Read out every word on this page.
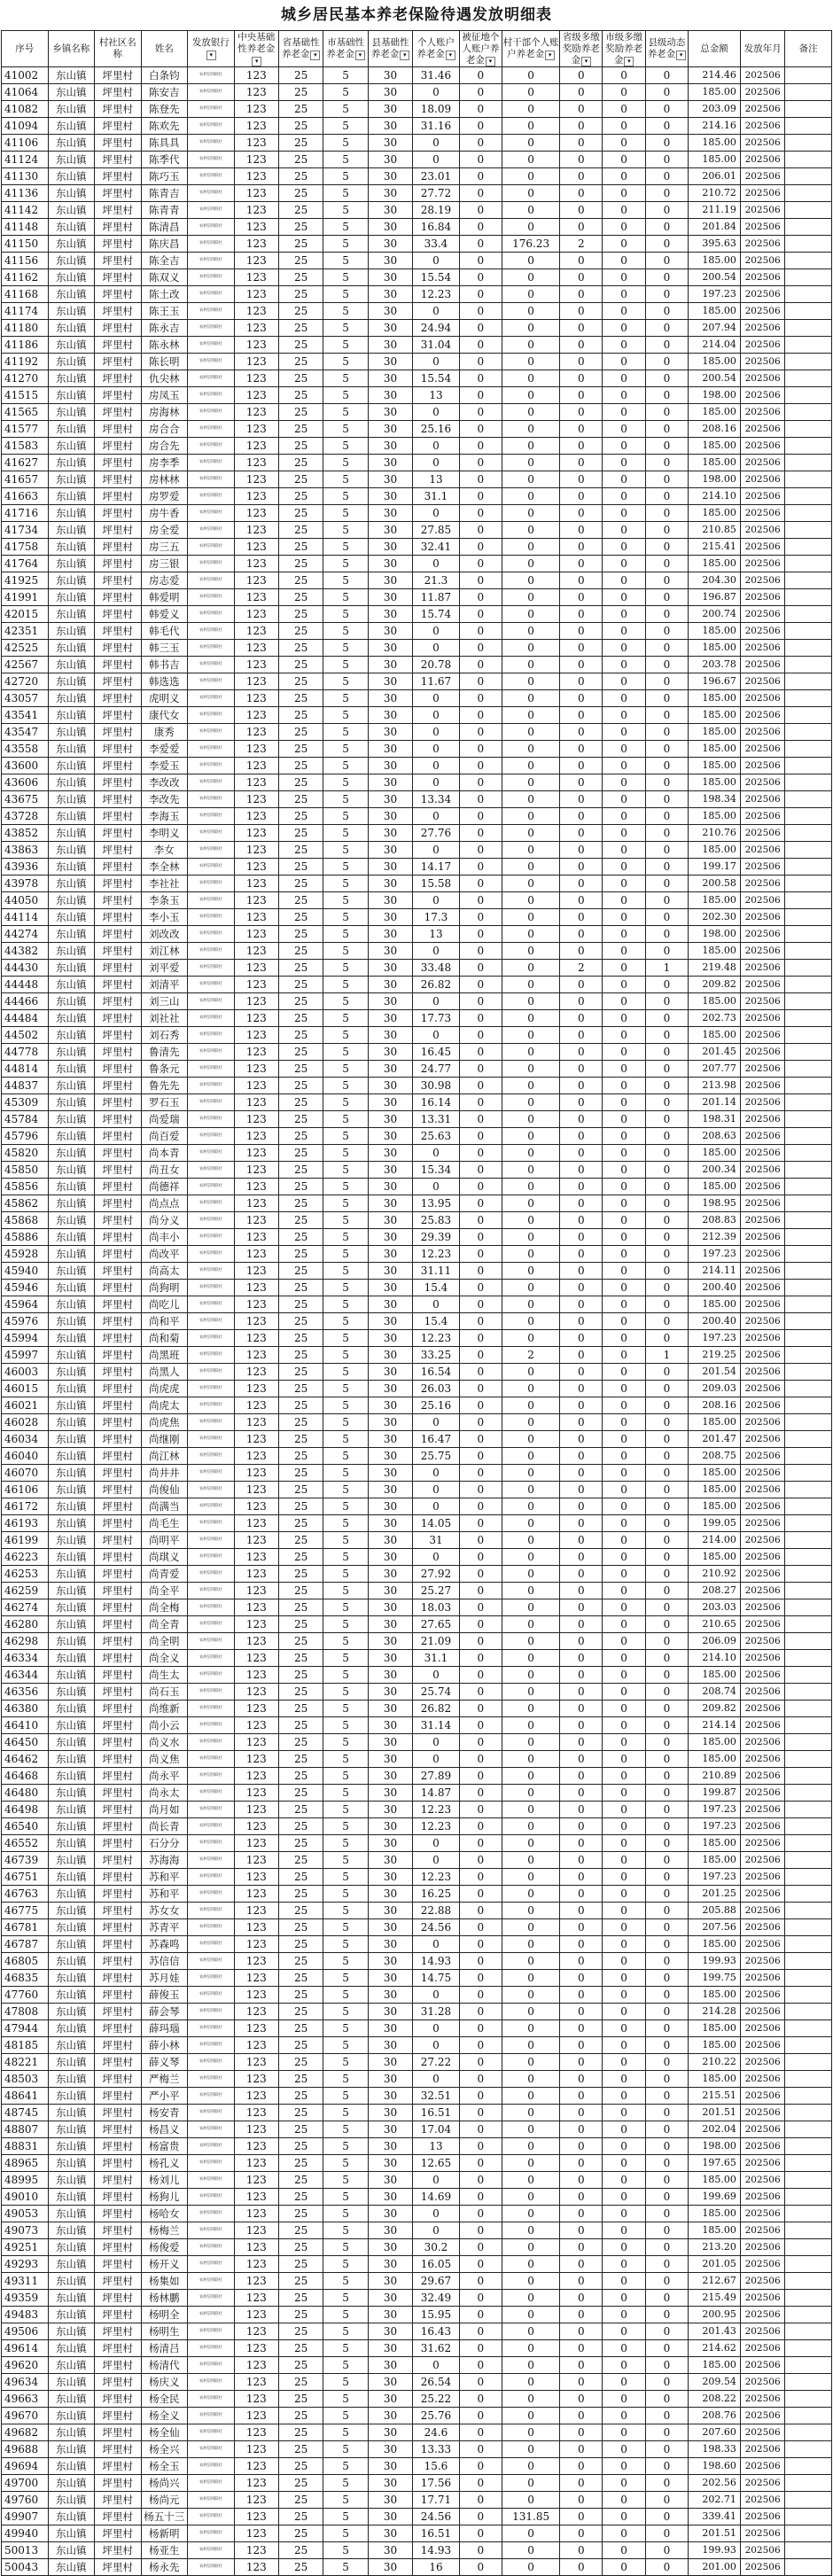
城乡居民基本养老保险待遇发放明细表
序号	乡镇名称	村社区名称	姓名	发放银行▾	中央基础性养老金▾	省基础性养老金 ▾	市基础性养老金 ▾	县基础性养老金 ▾	个人账户养老金 ▾	被征地个人账户养老金 ▾	村干部个人账户养老金 ▾	省级多缴奖励养老金 ▾	市级多缴奖励养老金 ▾	县级动态养老金 ▾	总金额	发放年月	备注
41002	东山镇	坪里村	白条钧	农村信用联社	123	25	5	30	31.46	0	0	0	0	0	214.46	202506	
41064	东山镇	坪里村	陈安吉	农村信用联社	123	25	5	30	0	0	0	0	0	0	185.00	202506	
41082	东山镇	坪里村	陈登先	农村信用联社	123	25	5	30	18.09	0	0	0	0	0	203.09	202506	
41094	东山镇	坪里村	陈欢先	农村信用联社	123	25	5	30	31.16	0	0	0	0	0	214.16	202506	
41106	东山镇	坪里村	陈具具	农村信用联社	123	25	5	30	0	0	0	0	0	0	185.00	202506	
41124	东山镇	坪里村	陈季代	农村信用联社	123	25	5	30	0	0	0	0	0	0	185.00	202506	
41130	东山镇	坪里村	陈巧玉	农村信用联社	123	25	5	30	23.01	0	0	0	0	0	206.01	202506	
41136	东山镇	坪里村	陈青吉	农村信用联社	123	25	5	30	27.72	0	0	0	0	0	210.72	202506	
41142	东山镇	坪里村	陈青青	农村信用联社	123	25	5	30	28.19	0	0	0	0	0	211.19	202506	
41148	东山镇	坪里村	陈清昌	农村信用联社	123	25	5	30	16.84	0	0	0	0	0	201.84	202506	
41150	东山镇	坪里村	陈庆昌	农村信用联社	123	25	5	30	33.4	0	176.23	2	0	0	395.63	202506	
41156	东山镇	坪里村	陈全吉	农村信用联社	123	25	5	30	0	0	0	0	0	0	185.00	202506	
41162	东山镇	坪里村	陈双义	农村信用联社	123	25	5	30	15.54	0	0	0	0	0	200.54	202506	
41168	东山镇	坪里村	陈土改	农村信用联社	123	25	5	30	12.23	0	0	0	0	0	197.23	202506	
41174	东山镇	坪里村	陈王玉	农村信用联社	123	25	5	30	0	0	0	0	0	0	185.00	202506	
41180	东山镇	坪里村	陈永吉	农村信用联社	123	25	5	30	24.94	0	0	0	0	0	207.94	202506	
41186	东山镇	坪里村	陈永林	农村信用联社	123	25	5	30	31.04	0	0	0	0	0	214.04	202506	
41192	东山镇	坪里村	陈长明	农村信用联社	123	25	5	30	0	0	0	0	0	0	185.00	202506	
41270	东山镇	坪里村	仇尖林	农村信用联社	123	25	5	30	15.54	0	0	0	0	0	200.54	202506	
41515	东山镇	坪里村	房凤玉	农村信用联社	123	25	5	30	13	0	0	0	0	0	198.00	202506	
41565	东山镇	坪里村	房海林	农村信用联社	123	25	5	30	0	0	0	0	0	0	185.00	202506	
41577	东山镇	坪里村	房合合	农村信用联社	123	25	5	30	25.16	0	0	0	0	0	208.16	202506	
41583	东山镇	坪里村	房合先	农村信用联社	123	25	5	30	0	0	0	0	0	0	185.00	202506	
41627	东山镇	坪里村	房李季	农村信用联社	123	25	5	30	0	0	0	0	0	0	185.00	202506	
41657	东山镇	坪里村	房林林	农村信用联社	123	25	5	30	13	0	0	0	0	0	198.00	202506	
41663	东山镇	坪里村	房罗爱	农村信用联社	123	25	5	30	31.1	0	0	0	0	0	214.10	202506	
41716	东山镇	坪里村	房牛香	农村信用联社	123	25	5	30	0	0	0	0	0	0	185.00	202506	
41734	东山镇	坪里村	房全爱	农村信用联社	123	25	5	30	27.85	0	0	0	0	0	210.85	202506	
41758	东山镇	坪里村	房三五	农村信用联社	123	25	5	30	32.41	0	0	0	0	0	215.41	202506	
41764	东山镇	坪里村	房三银	农村信用联社	123	25	5	30	0	0	0	0	0	0	185.00	202506	
41925	东山镇	坪里村	房志爱	农村信用联社	123	25	5	30	21.3	0	0	0	0	0	204.30	202506	
41991	东山镇	坪里村	韩爱明	农村信用联社	123	25	5	30	11.87	0	0	0	0	0	196.87	202506	
42015	东山镇	坪里村	韩爱义	农村信用联社	123	25	5	30	15.74	0	0	0	0	0	200.74	202506	
42351	东山镇	坪里村	韩毛代	农村信用联社	123	25	5	30	0	0	0	0	0	0	185.00	202506	
42525	东山镇	坪里村	韩三玉	农村信用联社	123	25	5	30	0	0	0	0	0	0	185.00	202506	
42567	东山镇	坪里村	韩书吉	农村信用联社	123	25	5	30	20.78	0	0	0	0	0	203.78	202506	
42720	东山镇	坪里村	韩选选	农村信用联社	123	25	5	30	11.67	0	0	0	0	0	196.67	202506	
43057	东山镇	坪里村	虎明义	农村信用联社	123	25	5	30	0	0	0	0	0	0	185.00	202506	
43541	东山镇	坪里村	康代女	农村信用联社	123	25	5	30	0	0	0	0	0	0	185.00	202506	
43547	东山镇	坪里村	康秀	农村信用联社	123	25	5	30	0	0	0	0	0	0	185.00	202506	
43558	东山镇	坪里村	李爱爱	农村信用联社	123	25	5	30	0	0	0	0	0	0	185.00	202506	
43600	东山镇	坪里村	李爱玉	农村信用联社	123	25	5	30	0	0	0	0	0	0	185.00	202506	
43606	东山镇	坪里村	李改改	农村信用联社	123	25	5	30	0	0	0	0	0	0	185.00	202506	
43675	东山镇	坪里村	李改先	农村信用联社	123	25	5	30	13.34	0	0	0	0	0	198.34	202506	
43728	东山镇	坪里村	李海玉	农村信用联社	123	25	5	30	0	0	0	0	0	0	185.00	202506	
43852	东山镇	坪里村	李明义	农村信用联社	123	25	5	30	27.76	0	0	0	0	0	210.76	202506	
43863	东山镇	坪里村	李女	农村信用联社	123	25	5	30	0	0	0	0	0	0	185.00	202506	
43936	东山镇	坪里村	李全林	农村信用联社	123	25	5	30	14.17	0	0	0	0	0	199.17	202506	
43978	东山镇	坪里村	李社社	农村信用联社	123	25	5	30	15.58	0	0	0	0	0	200.58	202506	
44050	东山镇	坪里村	李条玉	农村信用联社	123	25	5	30	0	0	0	0	0	0	185.00	202506	
44114	东山镇	坪里村	李小玉	农村信用联社	123	25	5	30	17.3	0	0	0	0	0	202.30	202506	
44274	东山镇	坪里村	刘改改	农村信用联社	123	25	5	30	13	0	0	0	0	0	198.00	202506	
44382	东山镇	坪里村	刘江林	农村信用联社	123	25	5	30	0	0	0	0	0	0	185.00	202506	
44430	东山镇	坪里村	刘平爱	农村信用联社	123	25	5	30	33.48	0	0	2	0	1	219.48	202506	
44448	东山镇	坪里村	刘清平	农村信用联社	123	25	5	30	26.82	0	0	0	0	0	209.82	202506	
44466	东山镇	坪里村	刘三山	农村信用联社	123	25	5	30	0	0	0	0	0	0	185.00	202506	
44484	东山镇	坪里村	刘社社	农村信用联社	123	25	5	30	17.73	0	0	0	0	0	202.73	202506	
44502	东山镇	坪里村	刘石秀	农村信用联社	123	25	5	30	0	0	0	0	0	0	185.00	202506	
44778	东山镇	坪里村	鲁清先	农村信用联社	123	25	5	30	16.45	0	0	0	0	0	201.45	202506	
44814	东山镇	坪里村	鲁条元	农村信用联社	123	25	5	30	24.77	0	0	0	0	0	207.77	202506	
44837	东山镇	坪里村	鲁先先	农村信用联社	123	25	5	30	30.98	0	0	0	0	0	213.98	202506	
45309	东山镇	坪里村	罗石玉	农村信用联社	123	25	5	30	16.14	0	0	0	0	0	201.14	202506	
45784	东山镇	坪里村	尚爱瑞	农村信用联社	123	25	5	30	13.31	0	0	0	0	0	198.31	202506	
45796	东山镇	坪里村	尚百爱	农村信用联社	123	25	5	30	25.63	0	0	0	0	0	208.63	202506	
45820	东山镇	坪里村	尚本青	农村信用联社	123	25	5	30	0	0	0	0	0	0	185.00	202506	
45850	东山镇	坪里村	尚丑女	农村信用联社	123	25	5	30	15.34	0	0	0	0	0	200.34	202506	
45856	东山镇	坪里村	尚德祥	农村信用联社	123	25	5	30	0	0	0	0	0	0	185.00	202506	
45862	东山镇	坪里村	尚点点	农村信用联社	123	25	5	30	13.95	0	0	0	0	0	198.95	202506	
45868	东山镇	坪里村	尚分义	农村信用联社	123	25	5	30	25.83	0	0	0	0	0	208.83	202506	
45886	东山镇	坪里村	尚丰小	农村信用联社	123	25	5	30	29.39	0	0	0	0	0	212.39	202506	
45928	东山镇	坪里村	尚改平	农村信用联社	123	25	5	30	12.23	0	0	0	0	0	197.23	202506	
45940	东山镇	坪里村	尚高太	农村信用联社	123	25	5	30	31.11	0	0	0	0	0	214.11	202506	
45946	东山镇	坪里村	尚狗明	农村信用联社	123	25	5	30	15.4	0	0	0	0	0	200.40	202506	
45964	东山镇	坪里村	尚吃儿	农村信用联社	123	25	5	30	0	0	0	0	0	0	185.00	202506	
45976	东山镇	坪里村	尚和平	农村信用联社	123	25	5	30	15.4	0	0	0	0	0	200.40	202506	
45994	东山镇	坪里村	尚和菊	农村信用联社	123	25	5	30	12.23	0	0	0	0	0	197.23	202506	
45997	东山镇	坪里村	尚黑班	农村信用联社	123	25	5	30	33.25	0	2	0	0	1	219.25	202506	
46003	东山镇	坪里村	尚黑人	农村信用联社	123	25	5	30	16.54	0	0	0	0	0	201.54	202506	
46015	东山镇	坪里村	尚虎虎	农村信用联社	123	25	5	30	26.03	0	0	0	0	0	209.03	202506	
46021	东山镇	坪里村	尚虎太	农村信用联社	123	25	5	30	25.16	0	0	0	0	0	208.16	202506	
46028	东山镇	坪里村	尚虎焦	农村信用联社	123	25	5	30	0	0	0	0	0	0	185.00	202506	
46034	东山镇	坪里村	尚继刚	农村信用联社	123	25	5	30	16.47	0	0	0	0	0	201.47	202506	
46040	东山镇	坪里村	尚江林	农村信用联社	123	25	5	30	25.75	0	0	0	0	0	208.75	202506	
46070	东山镇	坪里村	尚井井	农村信用联社	123	25	5	30	0	0	0	0	0	0	185.00	202506	
46106	东山镇	坪里村	尚俊仙	农村信用联社	123	25	5	30	0	0	0	0	0	0	185.00	202506	
46172	东山镇	坪里村	尚满当	农村信用联社	123	25	5	30	0	0	0	0	0	0	185.00	202506	
46193	东山镇	坪里村	尚毛生	农村信用联社	123	25	5	30	14.05	0	0	0	0	0	199.05	202506	
46199	东山镇	坪里村	尚明平	农村信用联社	123	25	5	30	31	0	0	0	0	0	214.00	202506	
46223	东山镇	坪里村	尚琪义	农村信用联社	123	25	5	30	0	0	0	0	0	0	185.00	202506	
46253	东山镇	坪里村	尚青爱	农村信用联社	123	25	5	30	27.92	0	0	0	0	0	210.92	202506	
46259	东山镇	坪里村	尚全平	农村信用联社	123	25	5	30	25.27	0	0	0	0	0	208.27	202506	
46274	东山镇	坪里村	尚全梅	农村信用联社	123	25	5	30	18.03	0	0	0	0	0	203.03	202506	
46280	东山镇	坪里村	尚全青	农村信用联社	123	25	5	30	27.65	0	0	0	0	0	210.65	202506	
46298	东山镇	坪里村	尚全明	农村信用联社	123	25	5	30	21.09	0	0	0	0	0	206.09	202506	
46334	东山镇	坪里村	尚全义	农村信用联社	123	25	5	30	31.1	0	0	0	0	0	214.10	202506	
46344	东山镇	坪里村	尚生太	农村信用联社	123	25	5	30	0	0	0	0	0	0	185.00	202506	
46356	东山镇	坪里村	尚石玉	农村信用联社	123	25	5	30	25.74	0	0	0	0	0	208.74	202506	
46380	东山镇	坪里村	尚维新	农村信用联社	123	25	5	30	26.82	0	0	0	0	0	209.82	202506	
46410	东山镇	坪里村	尚小云	农村信用联社	123	25	5	30	31.14	0	0	0	0	0	214.14	202506	
46450	东山镇	坪里村	尚义水	农村信用联社	123	25	5	30	0	0	0	0	0	0	185.00	202506	
46462	东山镇	坪里村	尚义焦	农村信用联社	123	25	5	30	0	0	0	0	0	0	185.00	202506	
46468	东山镇	坪里村	尚永平	农村信用联社	123	25	5	30	27.89	0	0	0	0	0	210.89	202506	
46480	东山镇	坪里村	尚永太	农村信用联社	123	25	5	30	14.87	0	0	0	0	0	199.87	202506	
46498	东山镇	坪里村	尚月如	农村信用联社	123	25	5	30	12.23	0	0	0	0	0	197.23	202506	
46540	东山镇	坪里村	尚长青	农村信用联社	123	25	5	30	12.23	0	0	0	0	0	197.23	202506	
46552	东山镇	坪里村	石分分	农村信用联社	123	25	5	30	0	0	0	0	0	0	185.00	202506	
46739	东山镇	坪里村	苏海海	农村信用联社	123	25	5	30	0	0	0	0	0	0	185.00	202506	
46751	东山镇	坪里村	苏和平	农村信用联社	123	25	5	30	12.23	0	0	0	0	0	197.23	202506	
46763	东山镇	坪里村	苏和平	农村信用联社	123	25	5	30	16.25	0	0	0	0	0	201.25	202506	
46775	东山镇	坪里村	苏女女	农村信用联社	123	25	5	30	22.88	0	0	0	0	0	205.88	202506	
46781	东山镇	坪里村	苏青平	农村信用联社	123	25	5	30	24.56	0	0	0	0	0	207.56	202506	
46787	东山镇	坪里村	苏森鸣	农村信用联社	123	25	5	30	0	0	0	0	0	0	185.00	202506	
46805	东山镇	坪里村	苏信信	农村信用联社	123	25	5	30	14.93	0	0	0	0	0	199.93	202506	
46835	东山镇	坪里村	苏月娃	农村信用联社	123	25	5	30	14.75	0	0	0	0	0	199.75	202506	
47760	东山镇	坪里村	薛俊玉	农村信用联社	123	25	5	30	0	0	0	0	0	0	185.00	202506	
47808	东山镇	坪里村	薛会琴	农村信用联社	123	25	5	30	31.28	0	0	0	0	0	214.28	202506	
47944	东山镇	坪里村	薛玛瑙	农村信用联社	123	25	5	30	0	0	0	0	0	0	185.00	202506	
48185	东山镇	坪里村	薛小林	农村信用联社	123	25	5	30	0	0	0	0	0	0	185.00	202506	
48221	东山镇	坪里村	薛义琴	农村信用联社	123	25	5	30	27.22	0	0	0	0	0	210.22	202506	
48503	东山镇	坪里村	严梅兰	农村信用联社	123	25	5	30	0	0	0	0	0	0	185.00	202506	
48641	东山镇	坪里村	严小平	农村信用联社	123	25	5	30	32.51	0	0	0	0	0	215.51	202506	
48745	东山镇	坪里村	杨安青	农村信用联社	123	25	5	30	16.51	0	0	0	0	0	201.51	202506	
48807	东山镇	坪里村	杨昌义	农村信用联社	123	25	5	30	17.04	0	0	0	0	0	202.04	202506	
48831	东山镇	坪里村	杨富贵	农村信用联社	123	25	5	30	13	0	0	0	0	0	198.00	202506	
48965	东山镇	坪里村	杨孔义	农村信用联社	123	25	5	30	12.65	0	0	0	0	0	197.65	202506	
48995	东山镇	坪里村	杨刘儿	农村信用联社	123	25	5	30	0	0	0	0	0	0	185.00	202506	
49010	东山镇	坪里村	杨狗儿	农村信用联社	123	25	5	30	14.69	0	0	0	0	0	199.69	202506	
49053	东山镇	坪里村	杨哈女	农村信用联社	123	25	5	30	0	0	0	0	0	0	185.00	202506	
49073	东山镇	坪里村	杨梅兰	农村信用联社	123	25	5	30	0	0	0	0	0	0	185.00	202506	
49251	东山镇	坪里村	杨俊爱	农村信用联社	123	25	5	30	30.2	0	0	0	0	0	213.20	202506	
49293	东山镇	坪里村	杨开义	农村信用联社	123	25	5	30	16.05	0	0	0	0	0	201.05	202506	
49311	东山镇	坪里村	杨集如	农村信用联社	123	25	5	30	29.67	0	0	0	0	0	212.67	202506	
49359	东山镇	坪里村	杨林鹏	农村信用联社	123	25	5	30	32.49	0	0	0	0	0	215.49	202506	
49483	东山镇	坪里村	杨明全	农村信用联社	123	25	5	30	15.95	0	0	0	0	0	200.95	202506	
49506	东山镇	坪里村	杨明生	农村信用联社	123	25	5	30	16.43	0	0	0	0	0	201.43	202506	
49614	东山镇	坪里村	杨清吕	农村信用联社	123	25	5	30	31.62	0	0	0	0	0	214.62	202506	
49620	东山镇	坪里村	杨清代	农村信用联社	123	25	5	30	0	0	0	0	0	0	185.00	202506	
49634	东山镇	坪里村	杨庆义	农村信用联社	123	25	5	30	26.54	0	0	0	0	0	209.54	202506	
49663	东山镇	坪里村	杨全民	农村信用联社	123	25	5	30	25.22	0	0	0	0	0	208.22	202506	
49670	东山镇	坪里村	杨全义	农村信用联社	123	25	5	30	25.76	0	0	0	0	0	208.76	202506	
49682	东山镇	坪里村	杨全仙	农村信用联社	123	25	5	30	24.6	0	0	0	0	0	207.60	202506	
49688	东山镇	坪里村	杨全兴	农村信用联社	123	25	5	30	13.33	0	0	0	0	0	198.33	202506	
49694	东山镇	坪里村	杨全玉	农村信用联社	123	25	5	30	15.6	0	0	0	0	0	198.60	202506	
49700	东山镇	坪里村	杨尚兴	农村信用联社	123	25	5	30	17.56	0	0	0	0	0	202.56	202506	
49760	东山镇	坪里村	杨尚元	农村信用联社	123	25	5	30	17.71	0	0	0	0	0	202.71	202506	
49907	东山镇	坪里村	杨五十三	农村信用联社	123	25	5	30	24.56	0	131.85	0	0	0	339.41	202506	
49940	东山镇	坪里村	杨新明	农村信用联社	123	25	5	30	16.51	0	0	0	0	0	201.51	202506	
50013	东山镇	坪里村	杨亚生	农村信用联社	123	25	5	30	14.93	0	0	0	0	0	199.93	202506	
50043	东山镇	坪里村	杨永先	农村信用联社	123	25	5	30	16	0	0	0	0	0	201.00	202506	
